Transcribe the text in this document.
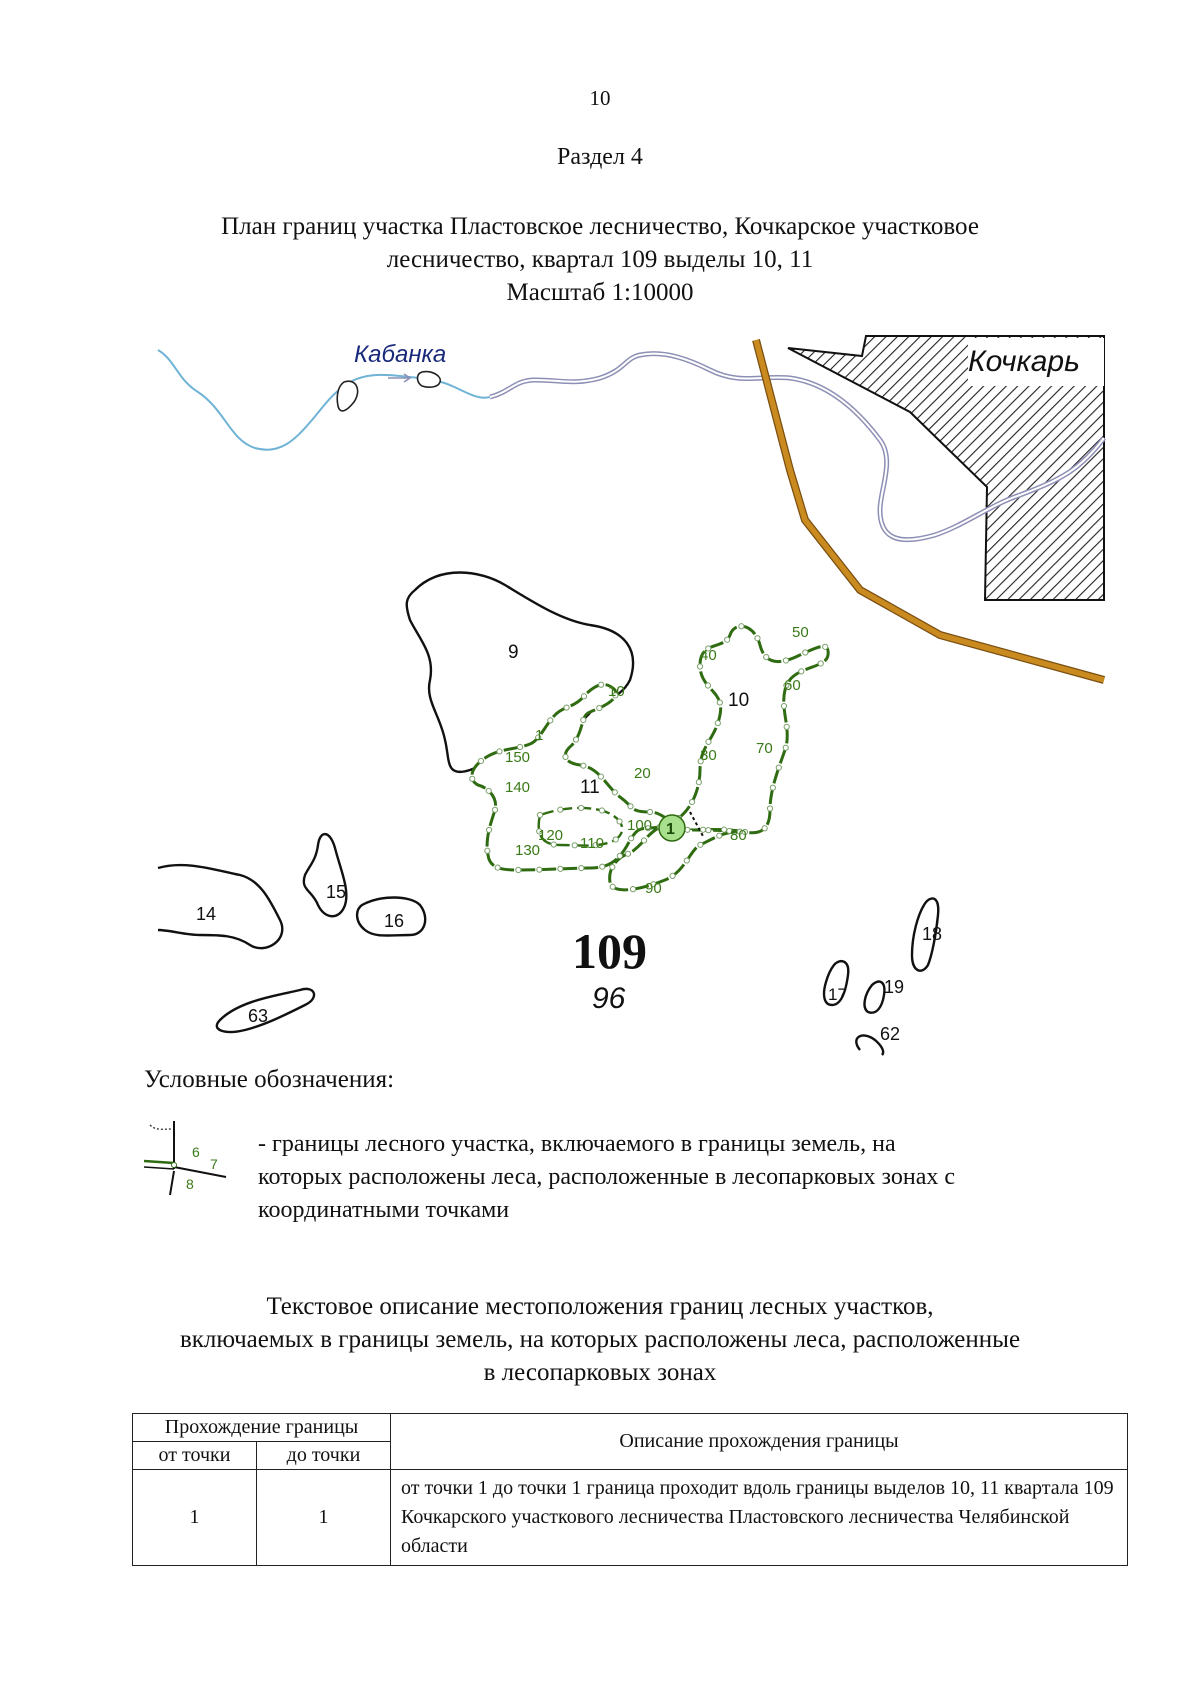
10
Раздел 4
План границ участка Пластовское лесничество, Кочкарское участковое
лесничество, квартал 109 выделы 10, 11
Масштаб 1:10000
Кочкарь
Кабанка
9
10
11
1
10
20
30
40
50
60
70
80
90
100
110
120
130
140
150
1
14
15
16
63
109
96
18
17 19
62
Условные обозначения:
6
7
8
- границы лесного участка, включаемого в границы земель, на
которых расположены леса, расположенные в лесопарковых зонах с
координатными точками
Текстовое описание местоположения границ лесных участков,
включаемых в границы земель, на которых расположены леса, расположенные
в лесопарковых зонах
Прохождение границы		Описание прохождения границы
от точки	до точки	
1	1	от точки 1 до точки 1 граница проходит вдоль границы выделов 10, 11 квартала 109 Кочкарского участкового лесничества Пластовского лесничества Челябинской области
